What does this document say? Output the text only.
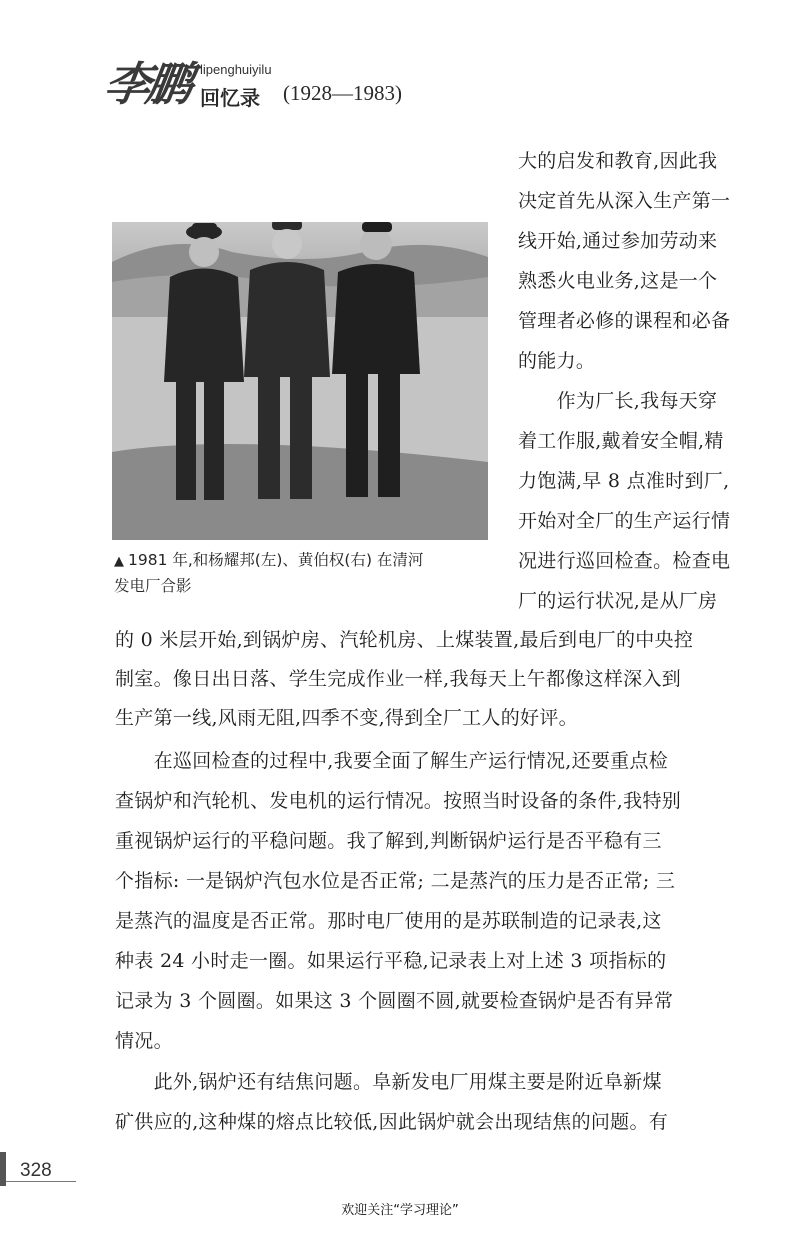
李鹏 lipenghuiyilu
回忆录 (1928—1983)
▲ 1981 年,和杨耀邦(左)、黄伯权(右) 在清河
发电厂合影
大的启发和教育,因此我
决定首先从深入生产第一
线开始,通过参加劳动来
熟悉火电业务,这是一个
管理者必修的课程和必备
的能力。
　　作为厂长,我每天穿
着工作服,戴着安全帽,精
力饱满,早 8 点准时到厂,
开始对全厂的生产运行情
况进行巡回检查。检查电
厂的运行状况,是从厂房
的 0 米层开始,到锅炉房、汽轮机房、上煤装置,最后到电厂的中央控
制室。像日出日落、学生完成作业一样,我每天上午都像这样深入到
生产第一线,风雨无阻,四季不变,得到全厂工人的好评。
　　在巡回检查的过程中,我要全面了解生产运行情况,还要重点检
查锅炉和汽轮机、发电机的运行情况。按照当时设备的条件,我特别
重视锅炉运行的平稳问题。我了解到,判断锅炉运行是否平稳有三
个指标: 一是锅炉汽包水位是否正常; 二是蒸汽的压力是否正常; 三
是蒸汽的温度是否正常。那时电厂使用的是苏联制造的记录表,这
种表 24 小时走一圈。如果运行平稳,记录表上对上述 3 项指标的
记录为 3 个圆圈。如果这 3 个圆圈不圆,就要检查锅炉是否有异常
情况。
　　此外,锅炉还有结焦问题。阜新发电厂用煤主要是附近阜新煤
矿供应的,这种煤的熔点比较低,因此锅炉就会出现结焦的问题。有
328
欢迎关注“学习理论”
